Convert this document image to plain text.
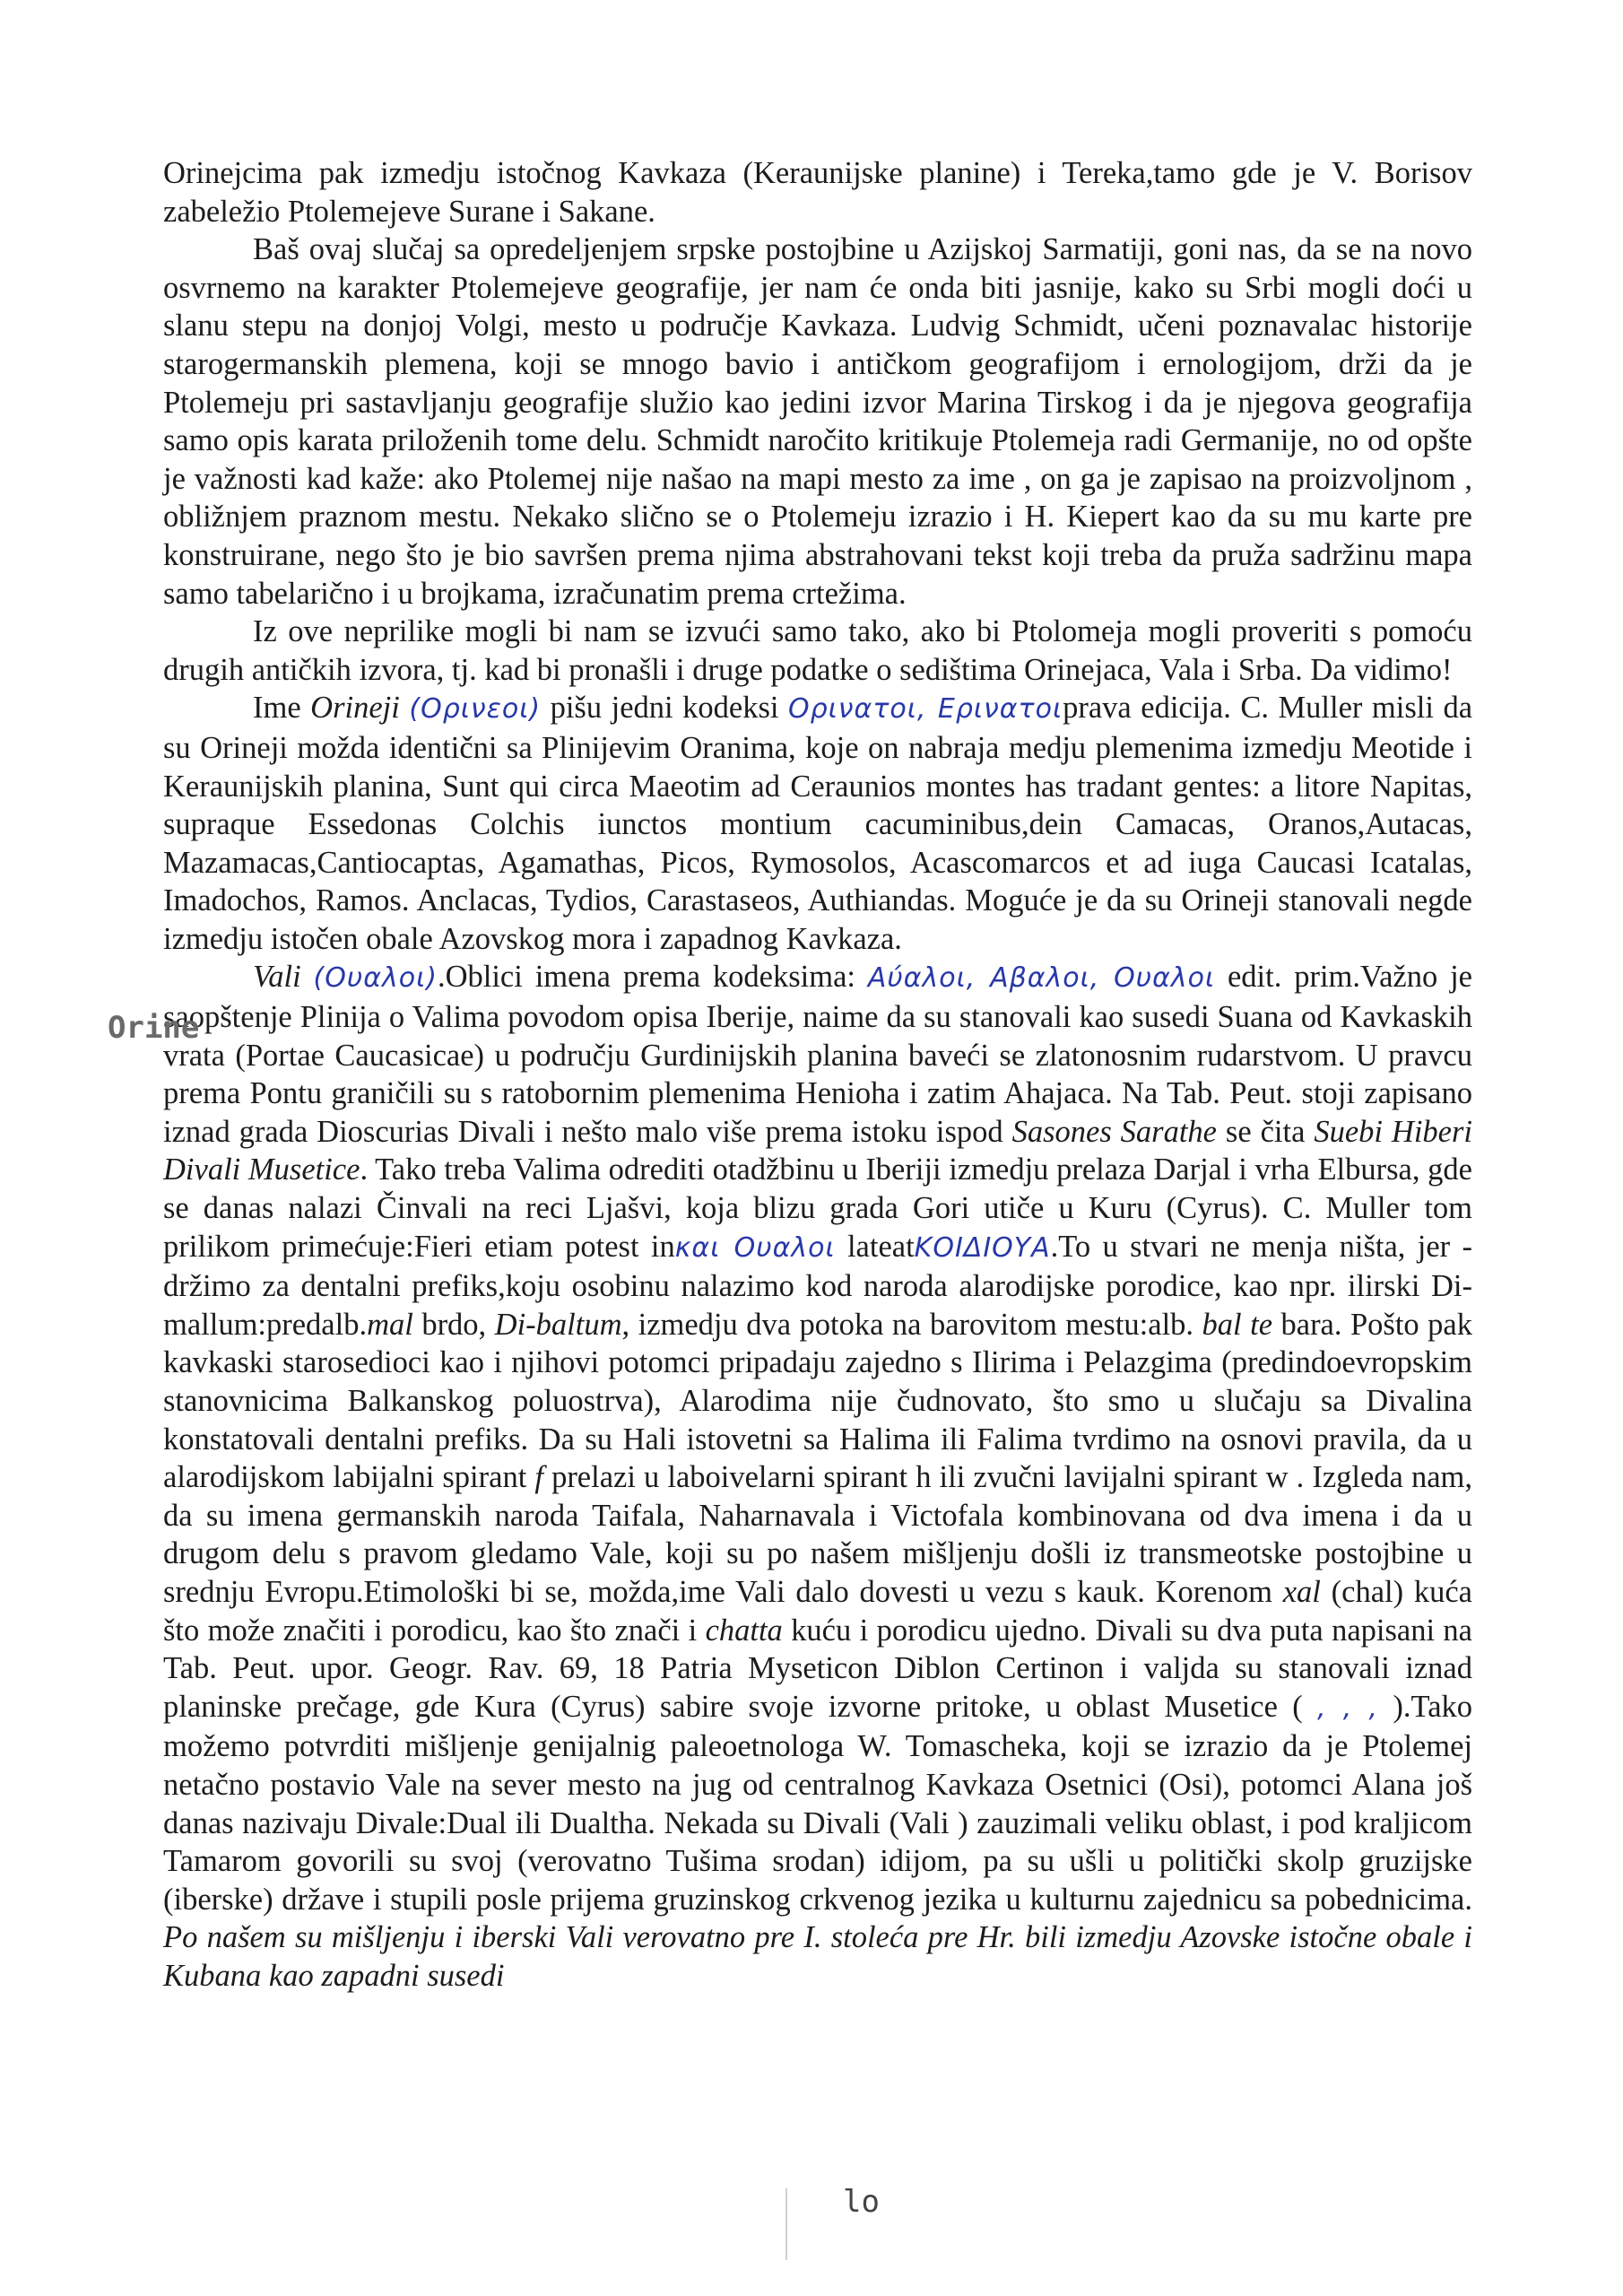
Orinejcima pak izmedju istočnog Kavkaza (Keraunijske planine) i Tereka,tamo gde je V. Borisov zabeležio Ptolemejeve Surane i Sakane.

Baš ovaj slučaj sa opredeljenjem srpske postojbine u Azijskoj Sarmatiji, goni nas, da se na novo osvrnemo na karakter Ptolemejeve geografije, jer nam će onda biti jasnije, kako su Srbi mogli doći u slanu stepu na donjoj Volgi, mesto u područje Kavkaza. Ludvig Schmidt, učeni poznavalac historije starogermanskih plemena, koji se mnogo bavio i antičkom geografijom i ernologijom, drži da je Ptolemeju pri sastavljanju geografije služio kao jedini izvor Marina Tirskog i da je njegova geografija samo opis karata priloženih tome delu. Schmidt naročito kritikuje Ptolemeja radi Germanije, no od opšte je važnosti kad kaže: ako Ptolemej nije našao na mapi mesto za ime , on ga je zapisao na proizvoljnom , obližnjem praznom mestu. Nekako slično se o Ptolemeju izrazio i H. Kiepert kao da su mu karte pre konstruirane, nego što je bio savršen prema njima abstrahovani tekst koji treba da pruža sadržinu mapa samo tabelarično i u brojkama, izračunatim prema crtežima.

Iz ove neprilike mogli bi nam se izvući samo tako, ako bi Ptolomeja mogli proveriti s pomoću drugih antičkih izvora, tj. kad bi pronašli i druge podatke o sedištima Orinejaca, Vala i Srba. Da vidimo!

Ime Orineji (Ορινεοι) pišu jedni kodeksi Ορινατοι, Ερινατοιprava edicija. C. Muller misli da su Orineji možda identični sa Plinijevim Oranima, koje on nabraja medju plemenima izmedju Meotide i Keraunijskih planina, Sunt qui circa Maeotim ad Ceraunios montes has tradant gentes: a litore Napitas, supraque Essedonas Colchis iunctos montium cacuminibus,dein Camacas, Oranos,Autacas, Mazamacas,Cantiocaptas, Agamathas, Picos, Rymosolos, Acascomarcos et ad iuga Caucasi Icatalas, Imadochos, Ramos. Anclacas, Tydios, Carastaseos, Authiandas. Moguće je da su Orineji stanovali negde izmedju istočen obale Azovskog mora i zapadnog Kavkaza.

Vali (Ουαλοι).Oblici imena prema kodeksima: Αύαλοι, Αβαλοι, Ουαλοι edit. prim.Važno je saopštenje Plinija o Valima povodom opisa Iberije, naime da su stanovali kao susedi Suana od Kavkaskih vrata (Portae Caucasicae) u području Gurdinijskih planina baveći se zlatonosnim rudarstvom. U pravcu prema Pontu graničili su s ratobornim plemenima Henioha i zatim Ahajaca. Na Tab. Peut. stoji zapisano iznad grada Dioscurias Divali i nešto malo više prema istoku ispod Sasones Sarathe se čita Suebi Hiberi Divali Musetice. Tako treba Valima odrediti otadžbinu u Iberiji izmedju prelaza Darjal i vrha Elbursa, gde se danas nalazi Činvali na reci Ljašvi, koja blizu grada Gori utiče u Kuru (Cyrus). C. Muller tom prilikom primećuje:Fieri etiam potest inκαι Ουαλοι lateatΚΟΙΔΙΟΥΑ.To u stvari ne menja ništa, jer - držimo za dentalni prefiks,koju osobinu nalazimo kod naroda alarodijske porodice, kao npr. ilirski Di-mallum:predalb.mal brdo, Di-baltum, izmedju dva potoka na barovitom mestu:alb. bal te bara. Pošto pak kavkaski starosedioci kao i njihovi potomci pripadaju zajedno s Ilirima i Pelazgima (predindoevropskim stanovnicima Balkanskog poluostrva), Alarodima nije čudnovato, što smo u slučaju sa Divalina konstatovali dentalni prefiks. Da su Hali istovetni sa Halima ili Falima tvrdimo na osnovi pravila, da u alarodijskom labijalni spirant f prelazi u laboivelarni spirant h ili zvučni lavijalni spirant w . Izgleda nam, da su imena germanskih naroda Taifala, Naharnavala i Victofala kombinovana od dva imena i da u drugom delu s pravom gledamo Vale, koji su po našem mišljenju došli iz transmeotske postojbine u srednju Evropu.Etimološki bi se, možda,ime Vali dalo dovesti u vezu s kauk. Korenom xal (chal) kuća što može značiti i porodicu, kao što znači i chatta kuću i porodicu ujedno. Divali su dva puta napisani na Tab. Peut. upor. Geogr. Rav. 69, 18 Patria Myseticon Diblon Certinon i valjda su stanovali iznad planinske prečage, gde Kura (Cyrus) sabire svoje izvorne pritoke, u oblast Musetice ( , , , ).Tako možemo potvrditi mišljenje genijalnig paleoetnologa W. Tomascheka, koji se izrazio da je Ptolemej netačno postavio Vale na sever mesto na jug od centralnog Kavkaza Osetnici (Osi), potomci Alana još danas nazivaju Divale:Dual ili Dualtha. Nekada su Divali (Vali ) zauzimali veliku oblast, i pod kraljicom Tamarom govorili su svoj (verovatno Tušima srodan) idijom, pa su ušli u politički skolp gruzijske (iberske) države i stupili posle prijema gruzinskog crkvenog jezika u kulturnu zajednicu sa pobednicima. Po našem su mišljenju i iberski Vali verovatno pre I. stoleća pre Hr. bili izmedju Azovske istočne obale i Kubana kao zapadni susedi

Orine
lo
